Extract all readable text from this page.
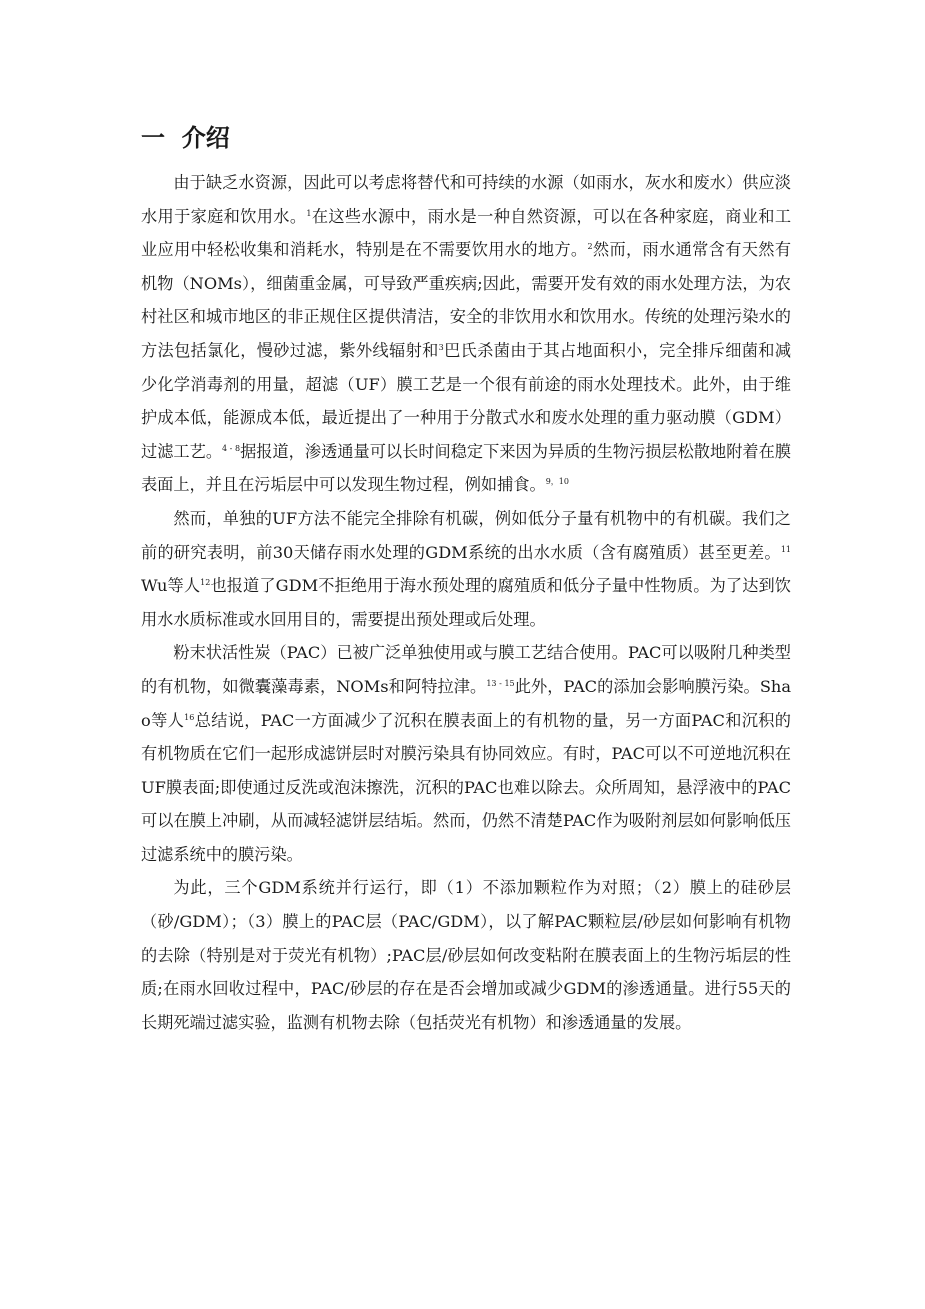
一 介绍

由于缺乏水资源，因此可以考虑将替代和可持续的水源（如雨水，灰水和废水）供应淡水用于家庭和饮用水。$^1$在这些水源中，雨水是一种自然资源，可以在各种家庭，商业和工业应用中轻松收集和消耗水，特别是在不需要饮用水的地方。$^2$然而，雨水通常含有天然有机物（NOMs），细菌重金属，可导致严重疾病;因此，需要开发有效的雨水处理方法，为农村社区和城市地区的非正规住区提供清洁，安全的非饮用水和饮用水。传统的处理污染水的方法包括氯化，慢砂过滤，紫外线辐射和$^3$巴氏杀菌由于其占地面积小，完全排斥细菌和减少化学消毒剂的用量，超滤（UF）膜工艺是一个很有前途的雨水处理技术。此外，由于维护成本低，能源成本低，最近提出了一种用于分散式水和废水处理的重力驱动膜（GDM）过滤工艺。$^{4 - 8}$据报道，渗透通量可以长时间稳定下来因为异质的生物污损层松散地附着在膜表面上，并且在污垢层中可以发现生物过程，例如捕食。$^{9,10}$

然而，单独的UF方法不能完全排除有机碳，例如低分子量有机物中的有机碳。我们之前的研究表明，前30天储存雨水处理的GDM系统的出水水质（含有腐殖质）甚至更差。$^{11}$Wu等人$^{12}$也报道了GDM不拒绝用于海水预处理的腐殖质和低分子量中性物质。为了达到饮用水水质标准或水回用目的，需要提出预处理或后处理。

粉末状活性炭（PAC）已被广泛单独使用或与膜工艺结合使用。PAC可以吸附几种类型的有机物，如微囊藻毒素，NOMs和阿特拉津。$^{13 - 15}$此外，PAC的添加会影响膜污染。Shao等人$^{16}$总结说，PAC一方面减少了沉积在膜表面上的有机物的量，另一方面PAC和沉积的有机物质在它们一起形成滤饼层时对膜污染具有协同效应。有时，PAC可以不可逆地沉积在UF膜表面;即使通过反洗或泡沫擦洗，沉积的PAC也难以除去。众所周知，悬浮液中的PAC可以在膜上冲刷，从而减轻滤饼层结垢。然而，仍然不清楚PAC作为吸附剂层如何影响低压过滤系统中的膜污染。

为此，三个GDM系统并行运行，即（1）不添加颗粒作为对照；（2）膜上的硅砂层（砂/GDM）；（3）膜上的PAC层（PAC/GDM），以了解PAC颗粒层/砂层如何影响有机物的去除（特别是对于荧光有机物）;PAC层/砂层如何改变粘附在膜表面上的生物污垢层的性质;在雨水回收过程中，PAC/砂层的存在是否会增加或减少GDM的渗透通量。进行55天的长期死端过滤实验，监测有机物去除（包括荧光有机物）和渗透通量的发展。
